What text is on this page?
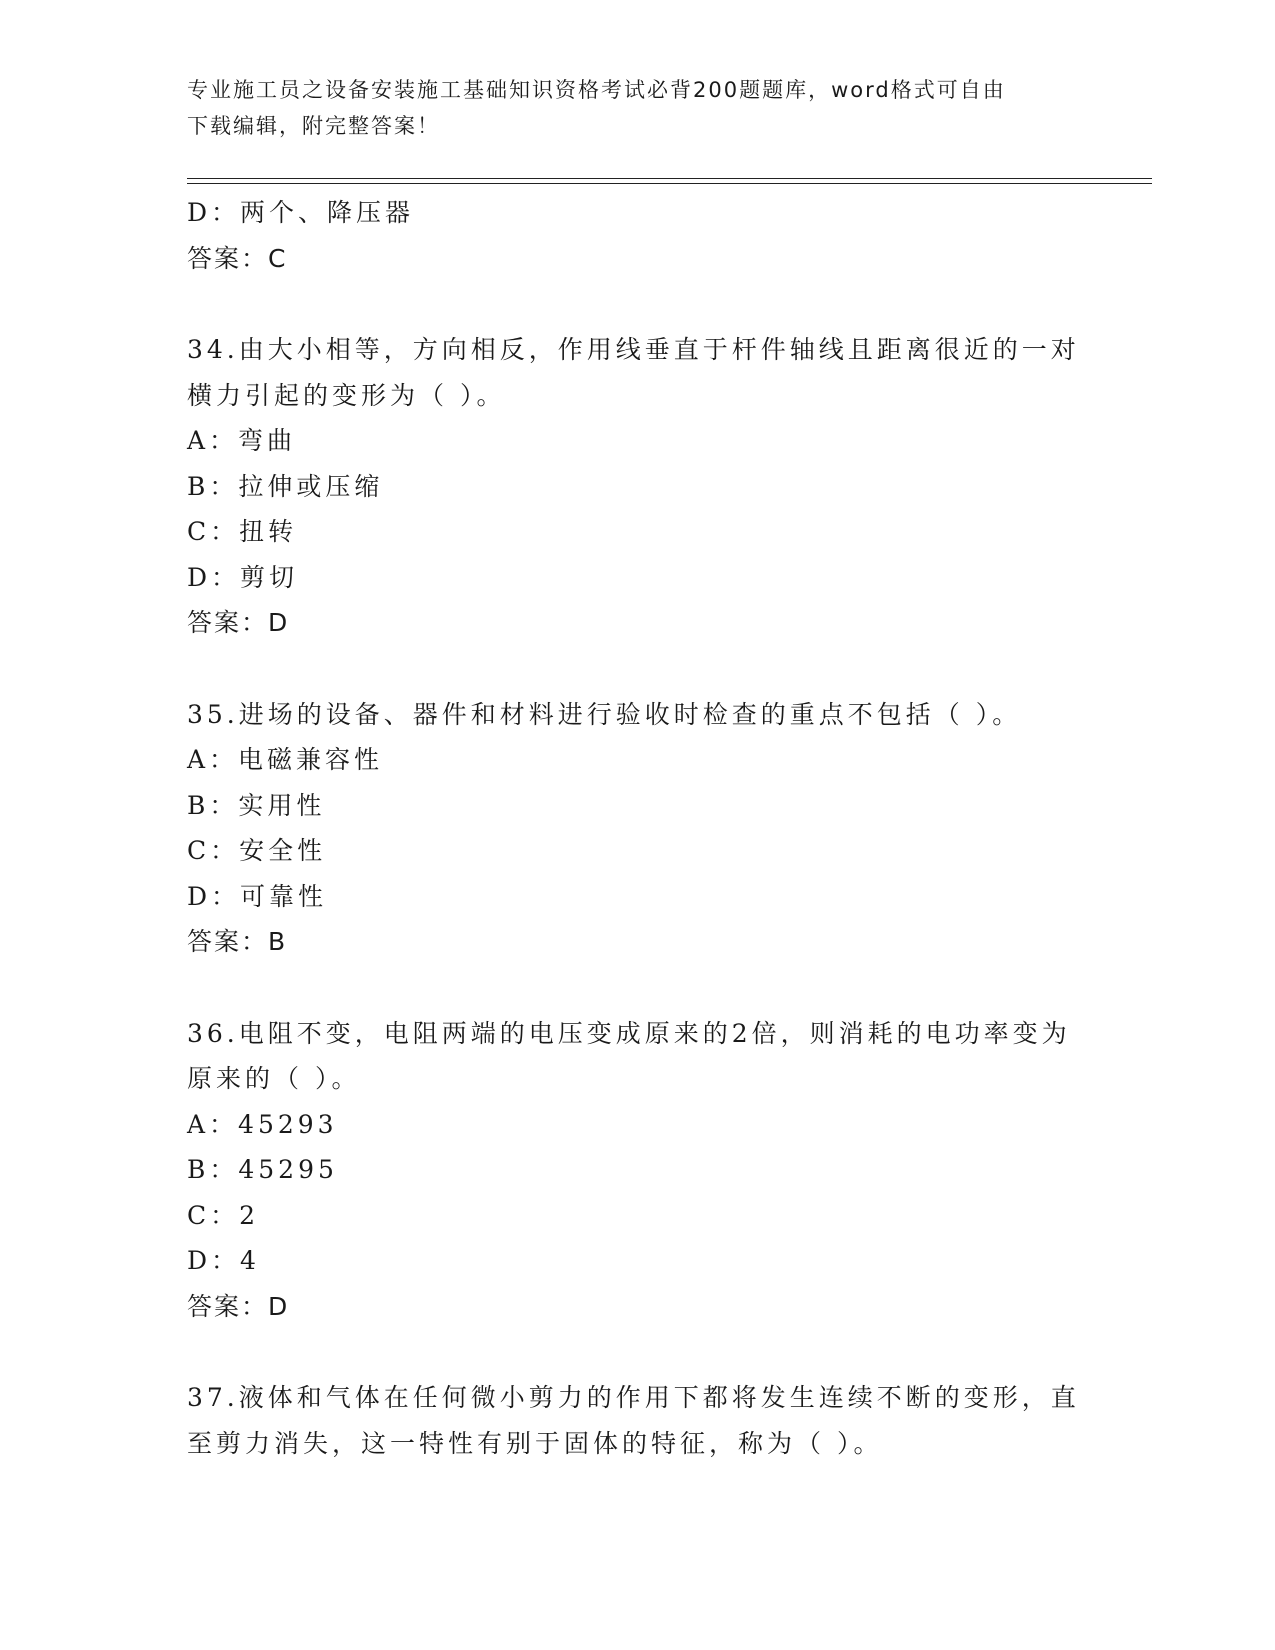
专业施工员之设备安装施工基础知识资格考试必背200题题库，word格式可自由
下载编辑，附完整答案！

D：两个、降压器

答案：C

34.由大小相等，方向相反，作用线垂直于杆件轴线且距离很近的一对

横力引起的变形为（ ）。

A：弯曲

B：拉伸或压缩

C：扭转

D：剪切

答案：D

35.进场的设备、器件和材料进行验收时检查的重点不包括（ ）。

A：电磁兼容性

B：实用性

C：安全性

D：可靠性

答案：B

36.电阻不变，电阻两端的电压变成原来的2倍，则消耗的电功率变为

原来的（ ）。

A：45293

B：45295

C：2

D：4

答案：D

37.液体和气体在任何微小剪力的作用下都将发生连续不断的变形，直

至剪力消失，这一特性有别于固体的特征，称为（ ）。
